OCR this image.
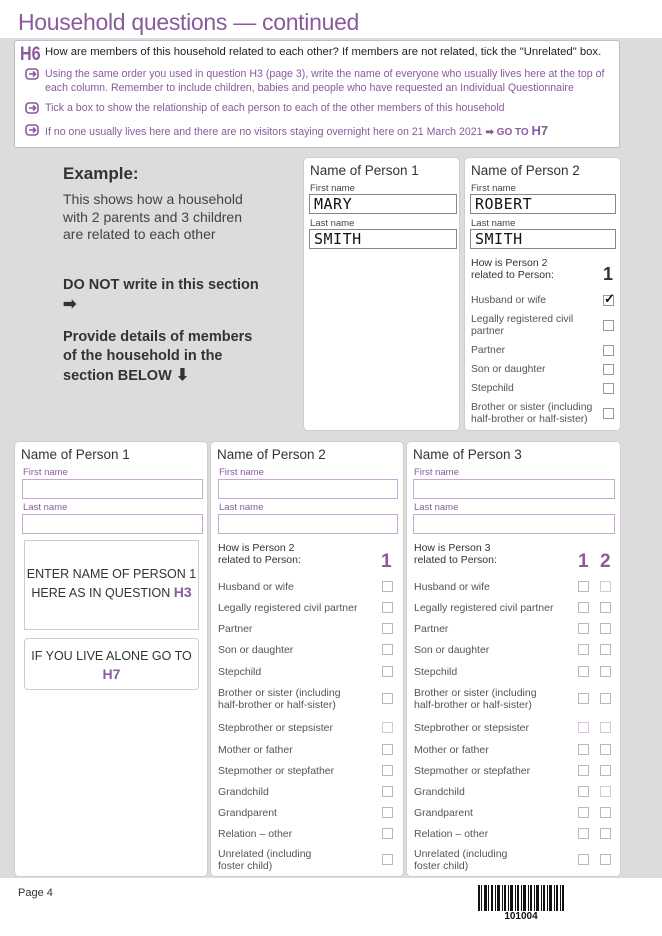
Household questions — continued
H6 How are members of this household related to each other? If members are not related, tick the "Unrelated" box.
Using the same order you used in question H3 (page 3), write the name of everyone who usually lives here at the top of each column. Remember to include children, babies and people who have requested an Individual Questionnaire
Tick a box to show the relationship of each person to each of the other members of this household
If no one usually lives here and there are no visitors staying overnight here on 21 March 2021 ➡ GO TO H7
Example:
This shows how a household with 2 parents and 3 children are related to each other
DO NOT write in this section ➡
Provide details of members of the household in the section BELOW ⬇
Name of Person 1
First name
MARY
Last name
SMITH
Name of Person 2
First name
ROBERT
Last name
SMITH
How is Person 2 related to Person:	1
Husband or wife
✓
Legally registered civil partner
Partner
Son or daughter
Stepchild
Brother or sister (including half-brother or half-sister)
Name of Person 1
First name
Last name
ENTER NAME OF PERSON 1 HERE AS IN QUESTION H3
IF YOU LIVE ALONE GO TO H7
Name of Person 2
First name
Last name
How is Person 2 related to Person:	1
Husband or wife
Legally registered civil partner
Partner
Son or daughter
Stepchild
Brother or sister (including half-brother or half-sister)
Stepbrother or stepsister
Mother or father
Stepmother or stepfather
Grandchild
Grandparent
Relation – other
Unrelated (including foster child)
Name of Person 3
First name
Last name
How is Person 3 related to Person:	1 2
Husband or wife
Legally registered civil partner
Partner
Son or daughter
Stepchild
Brother or sister (including half-brother or half-sister)
Stepbrother or stepsister
Mother or father
Stepmother or stepfather
Grandchild
Grandparent
Relation – other
Unrelated (including foster child)
Page 4
101004
